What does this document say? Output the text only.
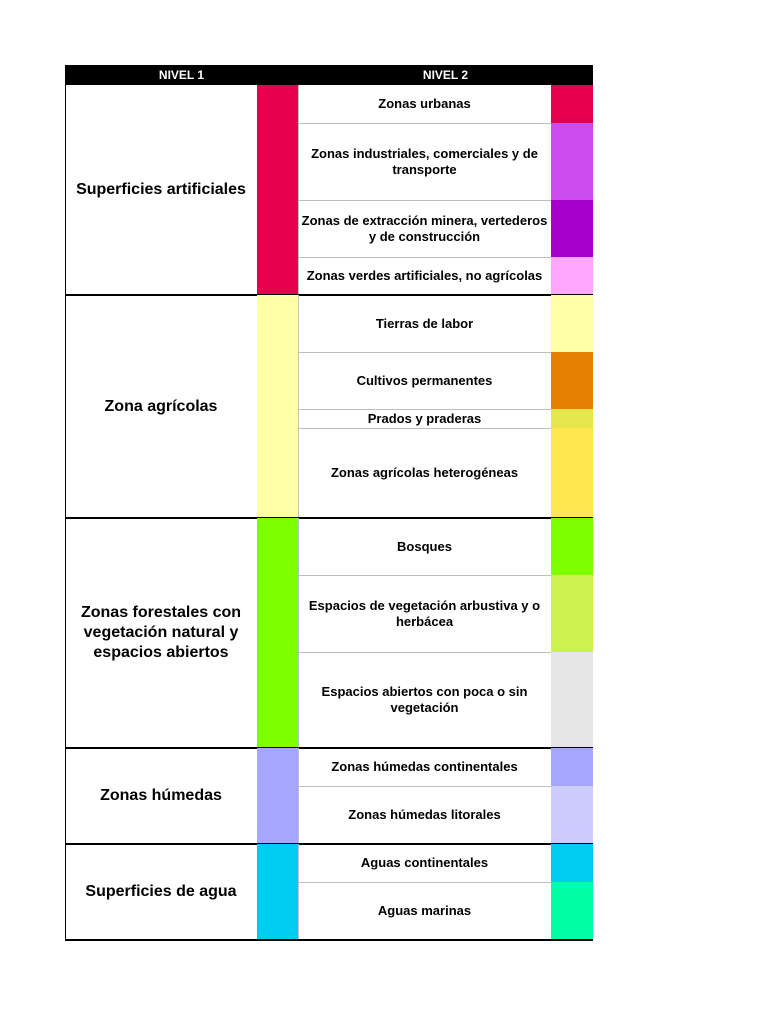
NIVEL 1	NIVEL 2
Superficies artificiales
Zonas urbanas
Zonas industriales, comerciales y de transporte
Zonas de extracción minera, vertederos y de construcción
Zonas verdes artificiales, no agrícolas
Zona agrícolas
Tierras de labor
Cultivos permanentes
Prados y praderas
Zonas agrícolas heterogéneas
Zonas forestales con vegetación natural y espacios abiertos
Bosques
Espacios de vegetación arbustiva y o herbácea
Espacios abiertos con poca o sin vegetación
Zonas húmedas
Zonas húmedas continentales
Zonas húmedas litorales
Superficies de agua
Aguas continentales
Aguas marinas
